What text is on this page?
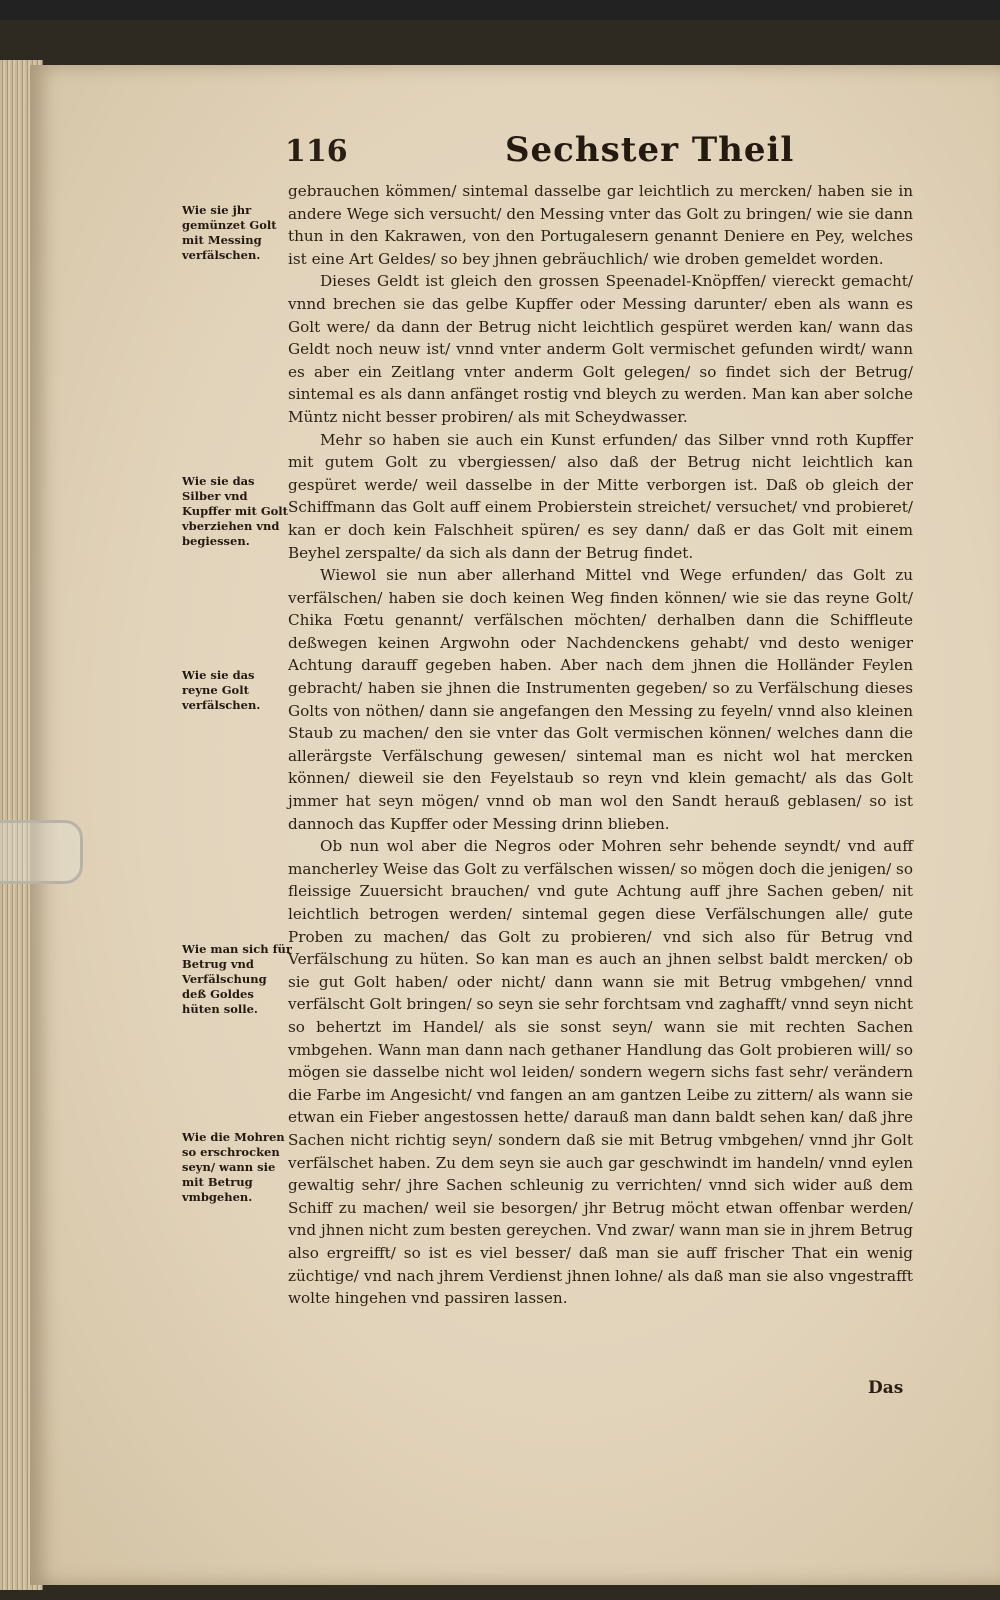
116	Sechster Theil
Wie sie jhr gemünzet Golt mit Messing verfälschen.
Wie sie das Silber vnd Kupffer mit Golt vberziehen vnd begiessen.
Wie sie das reyne Golt verfälschen.
Wie man sich für Betrug vnd Verfälschung deß Goldes hüten solle.
Wie die Mohren so erschrocken seyn/ wann sie mit Betrug vmbgehen.

gebrauchen kömmen/ sintemal dasselbe gar leichtlich zu mercken/ haben sie in andere Wege sich versucht/ den Messing vnter das Golt zu bringen/ wie sie dann thun in den Kakrawen, von den Portugalesern genannt Deniere en Pey, welches ist eine Art Geldes/ so bey jhnen gebräuchlich/ wie droben gemeldet worden.

Dieses Geldt ist gleich den grossen Speenadel-Knöpffen/ viereckt gemacht/ vnnd brechen sie das gelbe Kupffer oder Messing darunter/ eben als wann es Golt were/ da dann der Betrug nicht leichtlich gespüret werden kan/ wann das Geldt noch neuw ist/ vnnd vnter anderm Golt vermischet gefunden wirdt/ wann es aber ein Zeitlang vnter anderm Golt gelegen/ so findet sich der Betrug/ sintemal es als dann anfänget rostig vnd bleych zu werden. Man kan aber solche Müntz nicht besser probiren/ als mit Scheydwasser.

Mehr so haben sie auch ein Kunst erfunden/ das Silber vnnd roth Kupffer mit gutem Golt zu vbergiessen/ also daß der Betrug nicht leichtlich kan gespüret werde/ weil dasselbe in der Mitte verborgen ist. Daß ob gleich der Schiffmann das Golt auff einem Probierstein streichet/ versuchet/ vnd probieret/ kan er doch kein Falschheit spüren/ es sey dann/ daß er das Golt mit einem Beyhel zerspalte/ da sich als dann der Betrug findet.

Wiewol sie nun aber allerhand Mittel vnd Wege erfunden/ das Golt zu verfälschen/ haben sie doch keinen Weg finden können/ wie sie das reyne Golt/ Chika Fœtu genannt/ verfälschen möchten/ derhalben dann die Schiffleute deßwegen keinen Argwohn oder Nachdenckens gehabt/ vnd desto weniger Achtung darauff gegeben haben. Aber nach dem jhnen die Holländer Feylen gebracht/ haben sie jhnen die Instrumenten gegeben/ so zu Verfälschung dieses Golts von nöthen/ dann sie angefangen den Messing zu feyeln/ vnnd also kleinen Staub zu machen/ den sie vnter das Golt vermischen können/ welches dann die allerärgste Verfälschung gewesen/ sintemal man es nicht wol hat mercken können/ dieweil sie den Feyelstaub so reyn vnd klein gemacht/ als das Golt jmmer hat seyn mögen/ vnnd ob man wol den Sandt herauß geblasen/ so ist dannoch das Kupffer oder Messing drinn blieben.

Ob nun wol aber die Negros oder Mohren sehr behende seyndt/ vnd auff mancherley Weise das Golt zu verfälschen wissen/ so mögen doch die jenigen/ so fleissige Zuuersicht brauchen/ vnd gute Achtung auff jhre Sachen geben/ nit leichtlich betrogen werden/ sintemal gegen diese Verfälschungen alle/ gute Proben zu machen/ das Golt zu probieren/ vnd sich also für Betrug vnd Verfälschung zu hüten. So kan man es auch an jhnen selbst baldt mercken/ ob sie gut Golt haben/ oder nicht/ dann wann sie mit Betrug vmbgehen/ vnnd verfälscht Golt bringen/ so seyn sie sehr forchtsam vnd zaghafft/ vnnd seyn nicht so behertzt im Handel/ als sie sonst seyn/ wann sie mit rechten Sachen vmbgehen. Wann man dann nach gethaner Handlung das Golt probieren will/ so mögen sie dasselbe nicht wol leiden/ sondern wegern sichs fast sehr/ verändern die Farbe im Angesicht/ vnd fangen an am gantzen Leibe zu zittern/ als wann sie etwan ein Fieber angestossen hette/ darauß man dann baldt sehen kan/ daß jhre Sachen nicht richtig seyn/ sondern daß sie mit Betrug vmbgehen/ vnnd jhr Golt verfälschet haben. Zu dem seyn sie auch gar geschwindt im handeln/ vnnd eylen gewaltig sehr/ jhre Sachen schleunig zu verrichten/ vnnd sich wider auß dem Schiff zu machen/ weil sie besorgen/ jhr Betrug möcht etwan offenbar werden/ vnd jhnen nicht zum besten gereychen. Vnd zwar/ wann man sie in jhrem Betrug also ergreifft/ so ist es viel besser/ daß man sie auff frischer That ein wenig züchtige/ vnd nach jhrem Verdienst jhnen lohne/ als daß man sie also vngestrafft wolte hingehen vnd passiren lassen.

Das
